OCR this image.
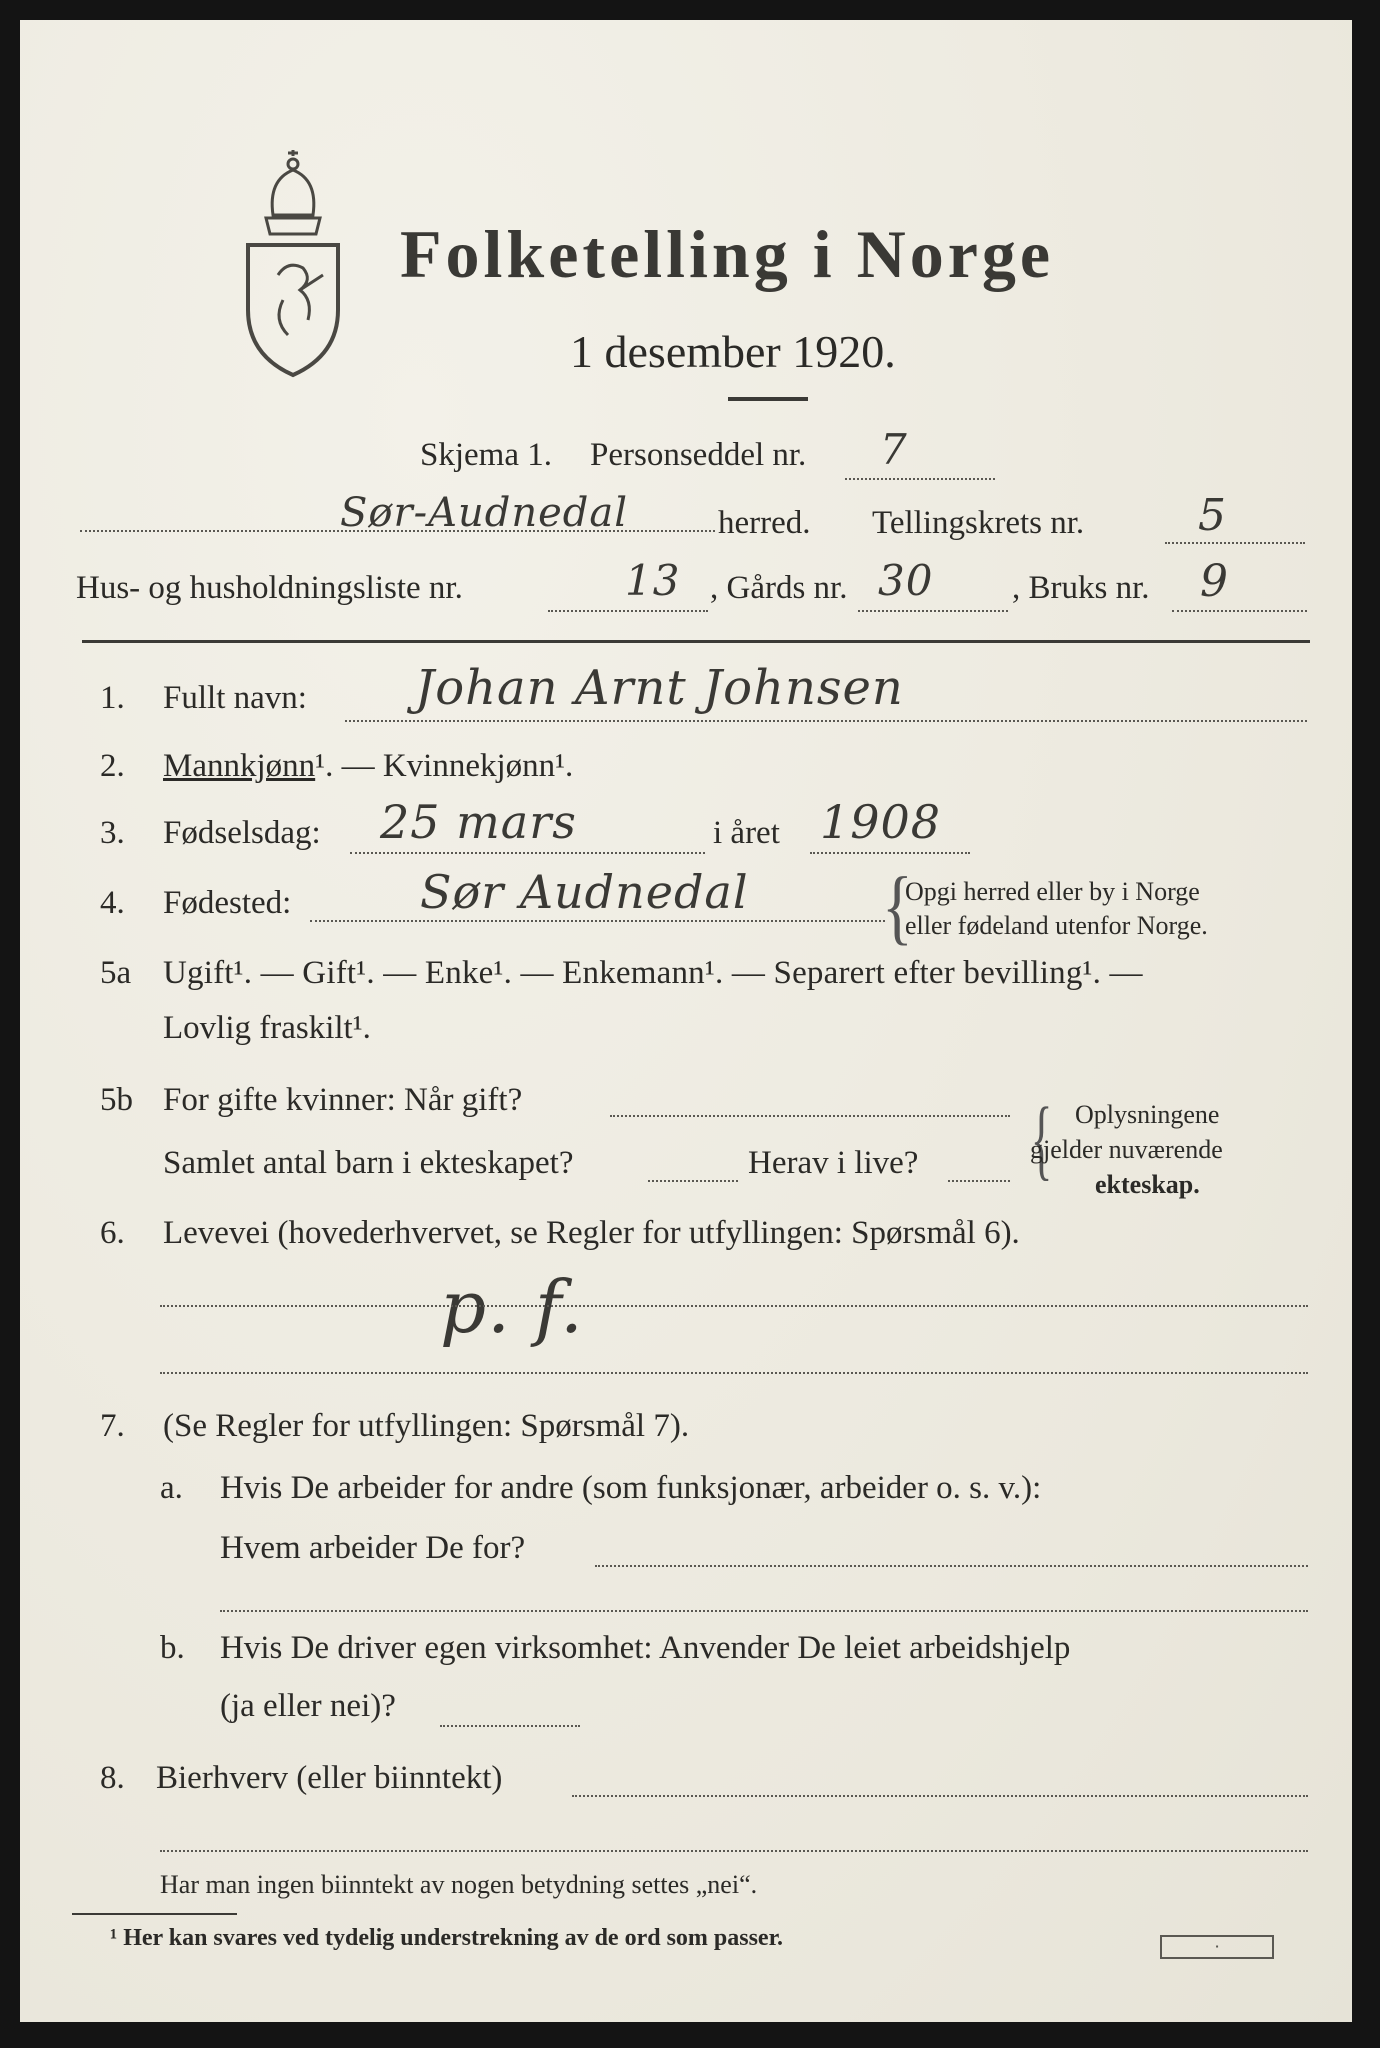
Folketelling i Norge
1 desember 1920.
Skjema 1. Personseddel nr. 7
Sør-Audnedal	herred. Tellingskrets nr.	5
Hus- og husholdningsliste nr.	13 , Gårds nr. 30 , Bruks nr. 9
1. Fullt navn: Johan Arnt Johnsen
2. Mannkjønn¹. — Kvinnekjønn¹.
3. Fødselsdag: 25 mars	i året 1908
4. Fødested:	Sør Audnedal {
Opgi herred eller by i Norge
eller fødeland utenfor Norge.
5a Ugift¹. — Gift¹. — Enke¹. — Enkemann¹. — Separert efter bevilling¹. —
Lovlig fraskilt¹.
5b For gifte kvinner: Når gift?
Samlet antal barn i ekteskapet?	Herav i live? { Oplysningene
gjelder nuværende
ekteskap.
6. Levevei (hovederhvervet, se Regler for utfyllingen: Spørsmål 6).
p. f.
7. (Se Regler for utfyllingen: Spørsmål 7).
a. Hvis De arbeider for andre (som funksjonær, arbeider o. s. v.):
Hvem arbeider De for?
b. Hvis De driver egen virksomhet: Anvender De leiet arbeidshjelp
(ja eller nei)?
8. Bierhverv (eller biinntekt)
Har man ingen biinntekt av nogen betydning settes „nei“.
¹ Her kan svares ved tydelig understrekning av de ord som passer.	▪
